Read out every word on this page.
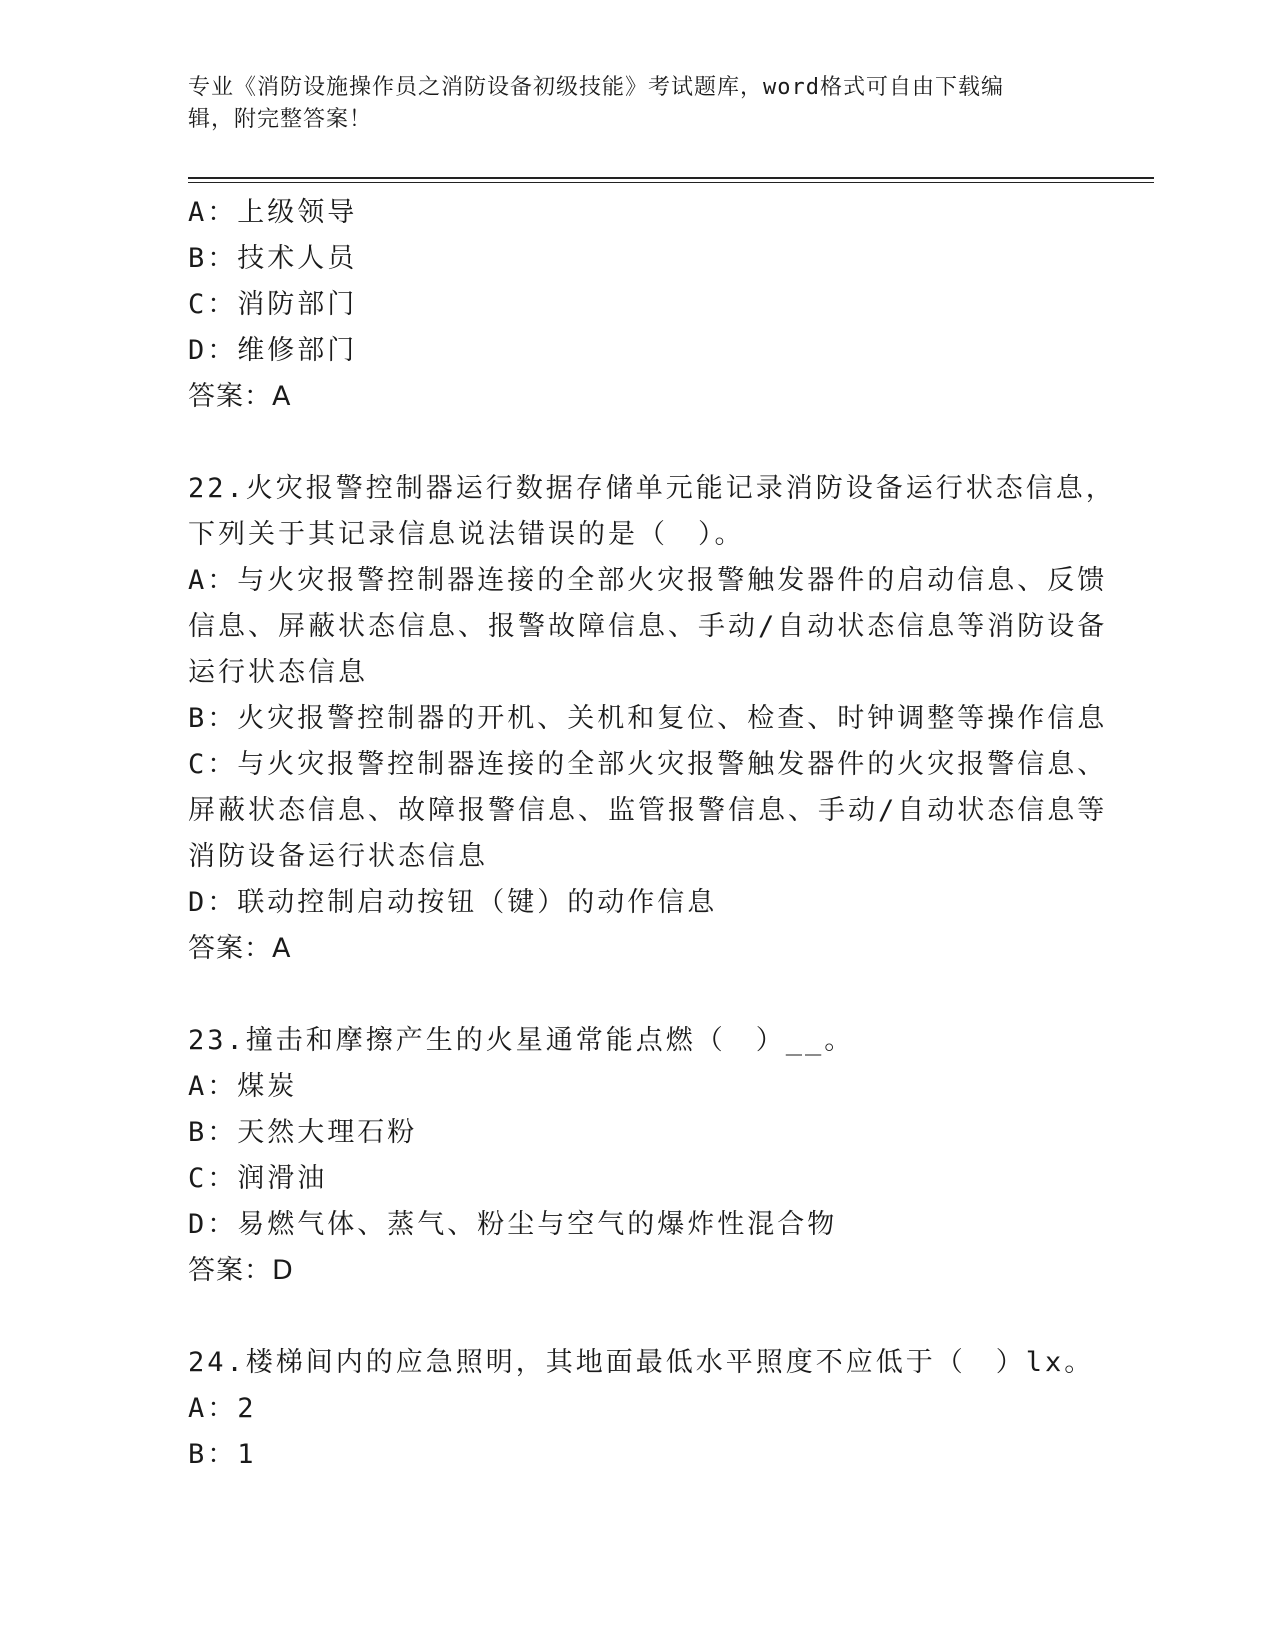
专业《消防设施操作员之消防设备初级技能》考试题库，word格式可自由下载编
辑，附完整答案！
A：上级领导
B：技术人员
C：消防部门
D：维修部门
答案：A
22.火灾报警控制器运行数据存储单元能记录消防设备运行状态信息，
下列关于其记录信息说法错误的是（　）。
A：与火灾报警控制器连接的全部火灾报警触发器件的启动信息、反馈
信息、屏蔽状态信息、报警故障信息、手动/自动状态信息等消防设备
运行状态信息
B：火灾报警控制器的开机、关机和复位、检查、时钟调整等操作信息
C：与火灾报警控制器连接的全部火灾报警触发器件的火灾报警信息、
屏蔽状态信息、故障报警信息、监管报警信息、手动/自动状态信息等
消防设备运行状态信息
D：联动控制启动按钮（键）的动作信息
答案：A
23.撞击和摩擦产生的火星通常能点燃（　）__。
A：煤炭
B：天然大理石粉
C：润滑油
D：易燃气体、蒸气、粉尘与空气的爆炸性混合物
答案：D
24.楼梯间内的应急照明，其地面最低水平照度不应低于（　）lx。
A：2
B：1
